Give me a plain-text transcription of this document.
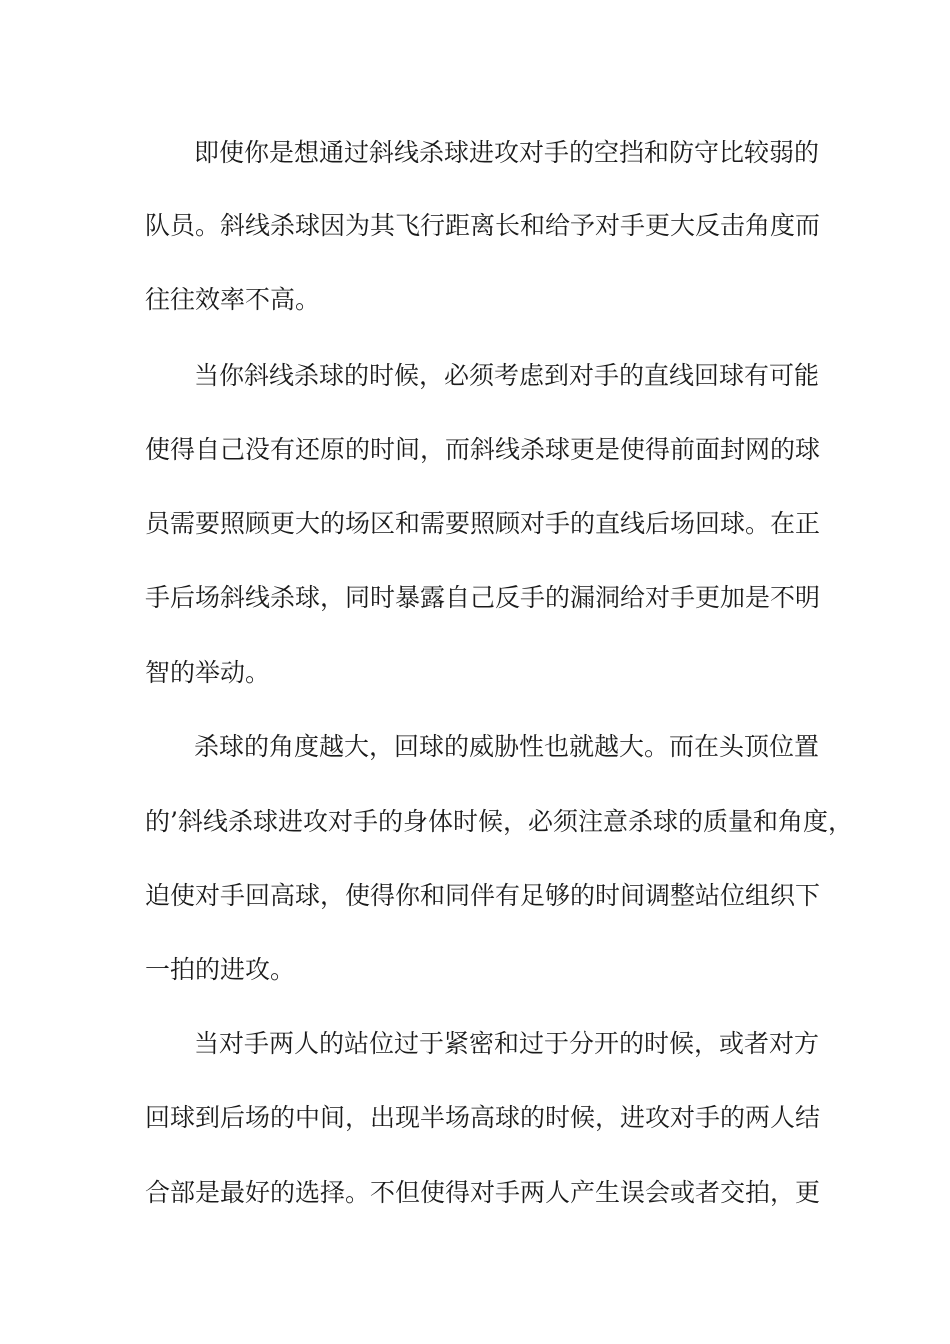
即使你是想通过斜线杀球进攻对手的空挡和防守比较弱的
队员。斜线杀球因为其飞行距离长和给予对手更大反击角度而
往往效率不高。
当你斜线杀球的时候，必须考虑到对手的直线回球有可能
使得自己没有还原的时间，而斜线杀球更是使得前面封网的球
员需要照顾更大的场区和需要照顾对手的直线后场回球。在正
手后场斜线杀球，同时暴露自己反手的漏洞给对手更加是不明
智的举动。
杀球的角度越大，回球的威胁性也就越大。而在头顶位置
的’斜线杀球进攻对手的身体时候，必须注意杀球的质量和角度，
迫使对手回高球，使得你和同伴有足够的时间调整站位组织下
一拍的进攻。
当对手两人的站位过于紧密和过于分开的时候，或者对方
回球到后场的中间，出现半场高球的时候，进攻对手的两人结
合部是最好的选择。不但使得对手两人产生误会或者交拍，更
